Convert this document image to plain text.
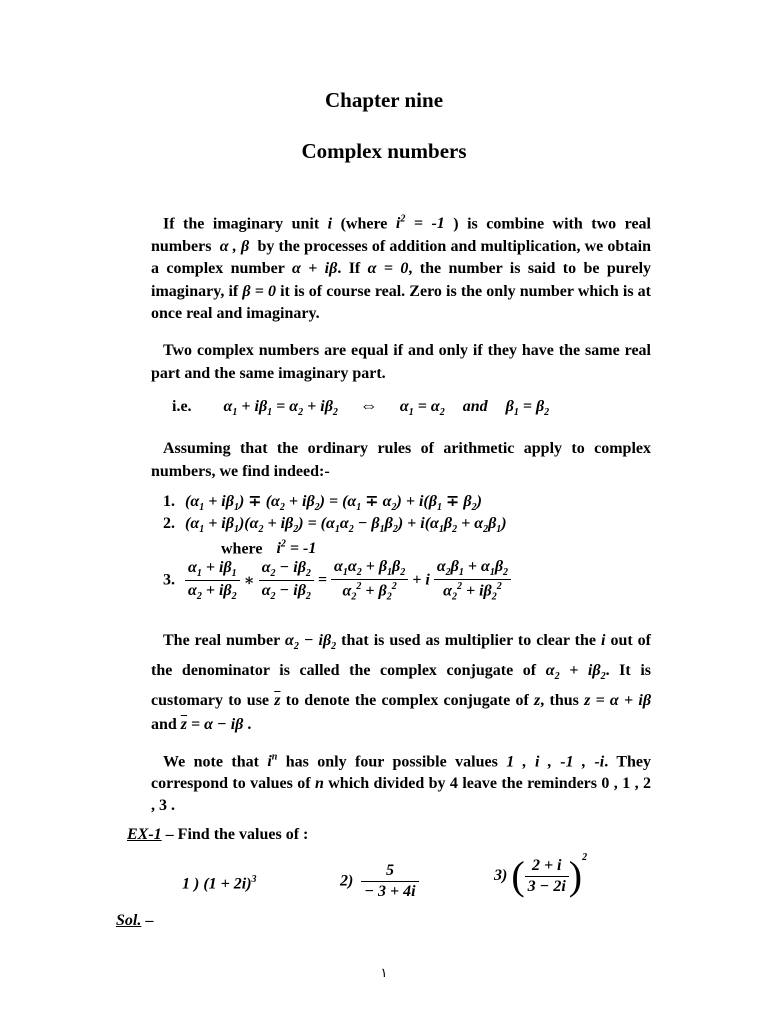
Chapter nine
Complex numbers
If the imaginary unit i (where $i^2 = -1$ ) is combine with two real numbers  α , β  by the processes of addition and multiplication, we obtain a complex number α + iβ. If α = 0, the number is said to be purely imaginary, if β = 0 it is of course real. Zero is the only number which is at once real and imaginary.
Two complex numbers are equal if and only if they have the same real part and the same imaginary part.
i.e. $\alpha_1 + i\beta_1 = \alpha_2 + i\beta_2$ ⇔ $\alpha_1 = \alpha_2$ and $\beta_1 = \beta_2$
Assuming that the ordinary rules of arithmetic apply to complex numbers, we find indeed:-
1. $(\alpha_1 + i\beta_1) \mp (\alpha_2 + i\beta_2) = (\alpha_1 \mp \alpha_2) + i(\beta_1 \mp \beta_2)$
2. $(\alpha_1 + i\beta_1)(\alpha_2 + i\beta_2) = (\alpha_1\alpha_2 - \beta_1\beta_2) + i(\alpha_1\beta_2 + \alpha_2\beta_1)$
where $i^2 = -1$
3. $\frac{\alpha_1 + i\beta_1}{\alpha_2 + i\beta_2}$ ∗ $\frac{\alpha_2 - i\beta_2}{\alpha_2 - i\beta_2} = \frac{\alpha_1\alpha_2 + \beta_1\beta_2}{\alpha_2^2 + \beta_2^2} + i \frac{\alpha_2\beta_1 + \alpha_1\beta_2}{\alpha_2^2 + i\beta_2^2}$
The real number $\alpha_2 - i\beta_2$ that is used as multiplier to clear the i out of the denominator is called the complex conjugate of $\alpha_2 + i\beta_2$. It is customary to use $\overline{z}$ to denote the complex conjugate of z, thus z = α + iβ and $\overline{z} = \alpha - i\beta$ .
We note that $i^n$ has only four possible values 1 , i , -1 , -i. They correspond to values of n which divided by 4 leave the reminders 0 , 1 , 2 , 3 .
EX-1 – Find the values of :
1 ) $(1 + 2i)^3$	$2) \frac{5}{- 3 + 4i}$	3) ( $\frac{2 + i}{3 - 2i} )^2$
Sol. –
١
